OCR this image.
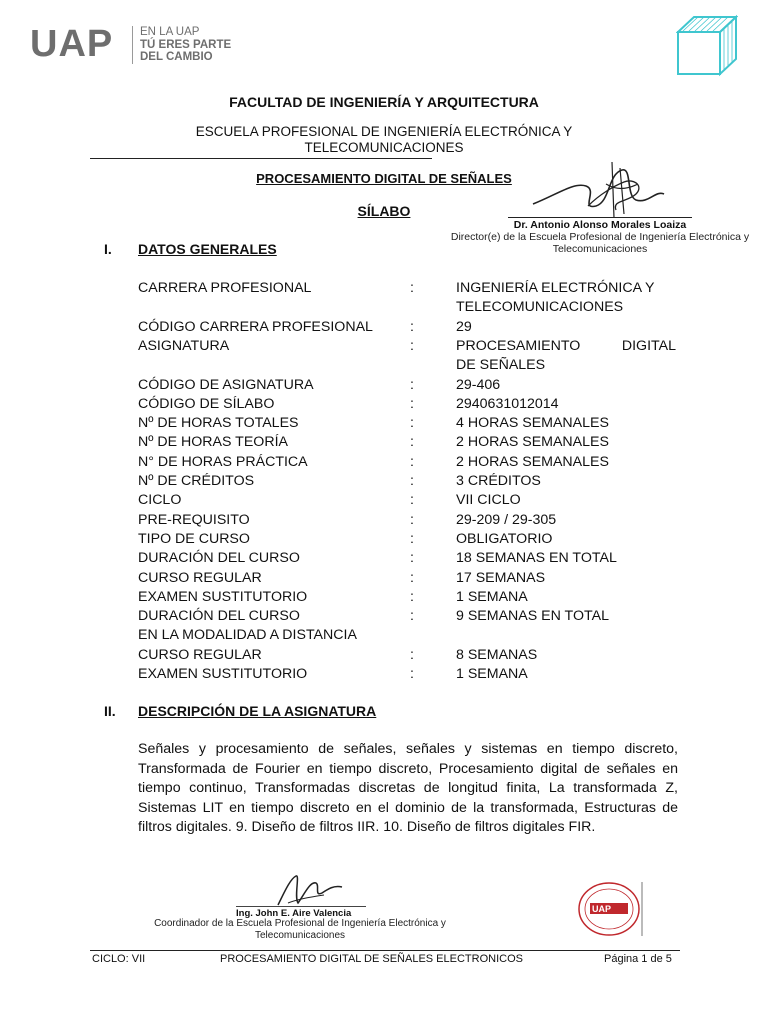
UAP EN LA UAP
TÚ ERES PARTE
DEL CAMBIO
FACULTAD DE INGENIERÍA Y ARQUITECTURA
ESCUELA PROFESIONAL DE INGENIERÍA ELECTRÓNICA Y
TELECOMUNICACIONES
PROCESAMIENTO DIGITAL DE SEÑALES
SÍLABO
Dr. Antonio Alonso Morales Loaiza
Director(e) de la Escuela Profesional de Ingeniería Electrónica y
Telecomunicaciones
I. DATOS GENERALES
CARRERA PROFESIONAL	:	INGENIERÍA ELECTRÓNICA Y
TELECOMUNICACIONES
CÓDIGO CARRERA PROFESIONAL	:	29
ASIGNATURA	:	PROCESAMIENTO DIGITAL
DE SEÑALES
CÓDIGO DE ASIGNATURA	:	29-406
CÓDIGO DE SÍLABO	:	2940631012014
Nº DE HORAS TOTALES	:	4 HORAS SEMANALES
Nº DE HORAS TEORÍA	:	2 HORAS SEMANALES
N° DE HORAS PRÁCTICA	:	2 HORAS SEMANALES
Nº DE CRÉDITOS	:	3 CRÉDITOS
CICLO	:	VII CICLO
PRE-REQUISITO	:	29-209 / 29-305
TIPO DE CURSO	:	OBLIGATORIO
DURACIÓN DEL CURSO	:	18 SEMANAS EN TOTAL
CURSO REGULAR	:	17 SEMANAS
EXAMEN SUSTITUTORIO	:	1 SEMANA
DURACIÓN DEL CURSO	:	9 SEMANAS EN TOTAL
EN LA MODALIDAD A DISTANCIA
CURSO REGULAR	:	8 SEMANAS
EXAMEN SUSTITUTORIO	:	1 SEMANA
II. DESCRIPCIÓN DE LA ASIGNATURA
Señales y procesamiento de señales, señales y sistemas en tiempo discreto, Transformada de Fourier en tiempo discreto, Procesamiento digital de señales en tiempo continuo, Transformadas discretas de longitud finita, La transformada Z, Sistemas LIT en tiempo discreto en el dominio de la transformada, Estructuras de filtros digitales. 9. Diseño de filtros IIR. 10. Diseño de filtros digitales FIR.
Ing. John E. Aire Valencia
Coordinador de la Escuela Profesional de Ingeniería Electrónica y
Telecomunicaciones
UAP
CICLO: VII	PROCESAMIENTO DIGITAL DE SEÑALES ELECTRONICOS	Página 1 de 5
